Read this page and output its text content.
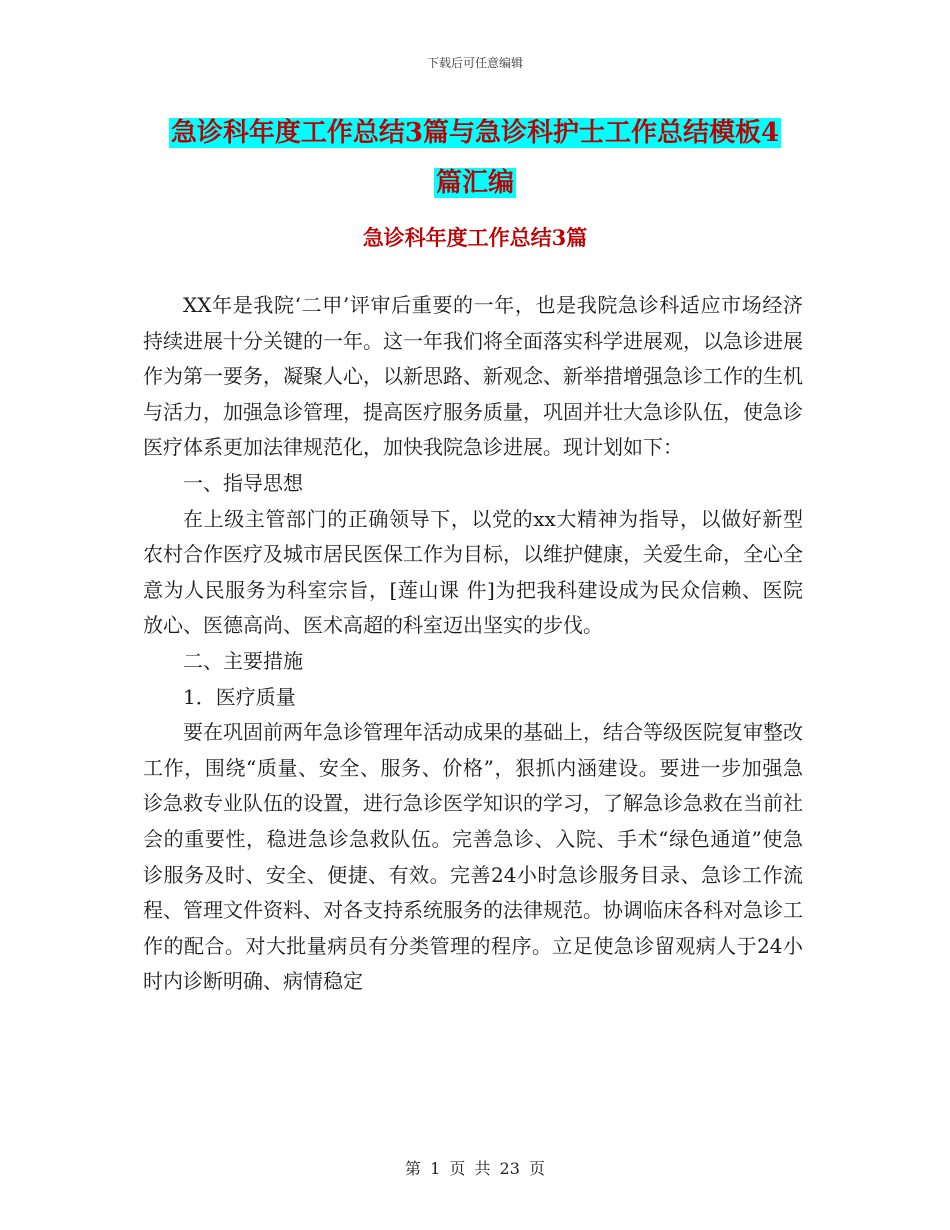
下载后可任意编辑
急诊科年度工作总结3篇与急诊科护士工作总结模板4
篇汇编
急诊科年度工作总结3篇

XX年是我院‘二甲’评审后重要的一年，也是我院急诊科适应市场经济持续进展十分关键的一年。这一年我们将全面落实科学进展观，以急诊进展作为第一要务，凝聚人心，以新思路、新观念、新举措增强急诊工作的生机与活力，加强急诊管理，提高医疗服务质量，巩固并壮大急诊队伍，使急诊医疗体系更加法律规范化，加快我院急诊进展。现计划如下：

一、指导思想

在上级主管部门的正确领导下，以党的xx大精神为指导，以做好新型农村合作医疗及城市居民医保工作为目标，以维护健康，关爱生命，全心全意为人民服务为科室宗旨，[莲山课 件]为把我科建设成为民众信赖、医院放心、医德高尚、医术高超的科室迈出坚实的步伐。

二、主要措施

1．医疗质量

要在巩固前两年急诊管理年活动成果的基础上，结合等级医院复审整改工作，围绕“质量、安全、服务、价格”，狠抓内涵建设。要进一步加强急诊急救专业队伍的设置，进行急诊医学知识的学习，了解急诊急救在当前社会的重要性，稳进急诊急救队伍。完善急诊、入院、手术“绿色通道”使急诊服务及时、安全、便捷、有效。完善24小时急诊服务目录、急诊工作流程、管理文件资料、对各支持系统服务的法律规范。协调临床各科对急诊工作的配合。对大批量病员有分类管理的程序。立足使急诊留观病人于24小时内诊断明确、病情稳定

第 1 页 共 23 页
